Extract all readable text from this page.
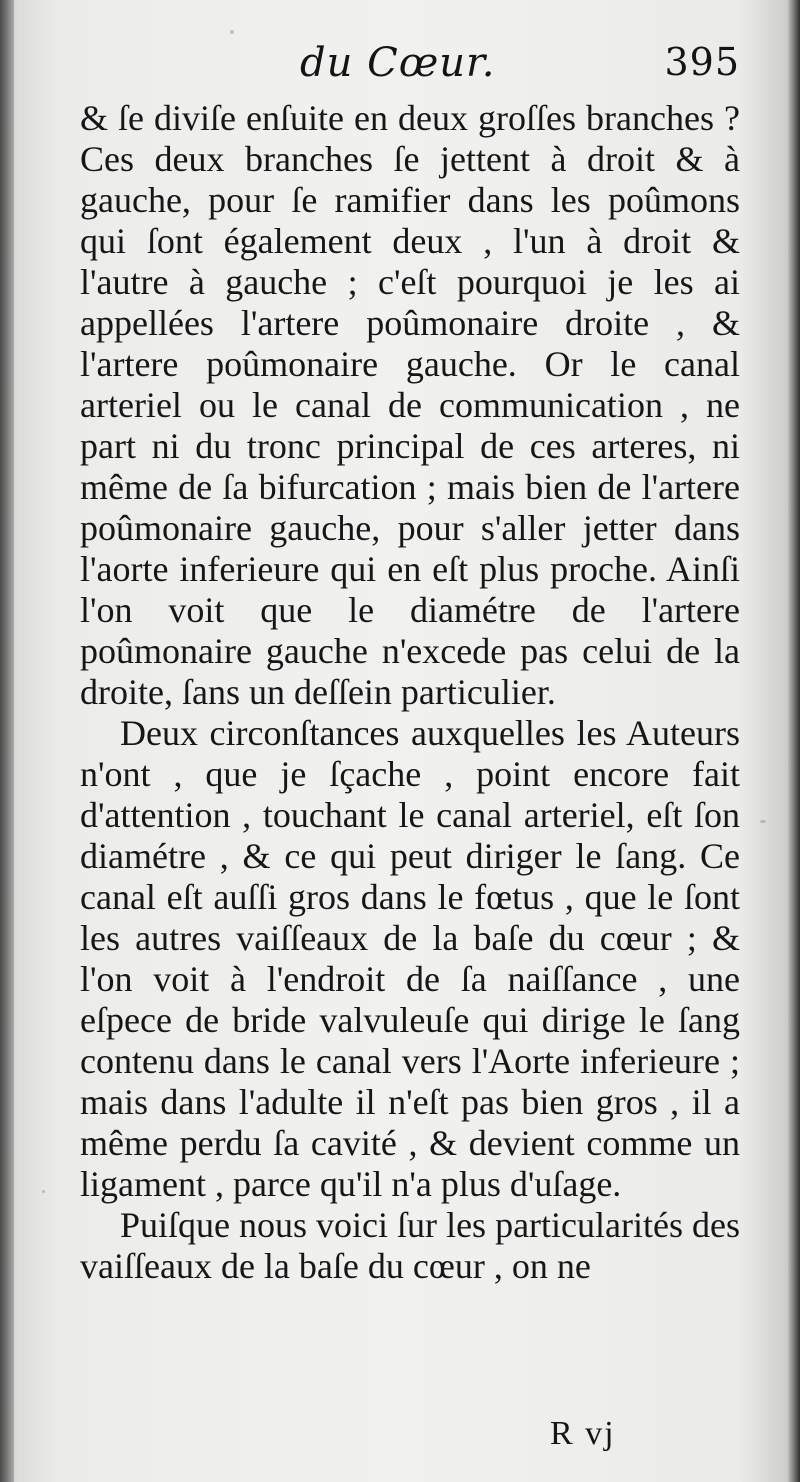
du Cœur.	395

& ſe diviſe enſuite en deux groſſes branches ? Ces deux branches ſe jettent à droit & à gauche, pour ſe ramifier dans les poûmons qui ſont également deux , l'un à droit & l'autre à gauche ; c'eſt pourquoi je les ai appellées l'artere poûmonaire droite , & l'artere poûmonaire gauche. Or le canal arteriel ou le canal de communication , ne part ni du tronc principal de ces arteres, ni même de ſa bifurcation ; mais bien de l'artere poûmonaire gauche, pour s'aller jetter dans l'aorte inferieure qui en eſt plus proche. Ainſi l'on voit que le diamétre de l'artere poûmonaire gauche n'excede pas celui de la droite, ſans un deſſein particulier.

Deux circonſtances auxquelles les Auteurs n'ont , que je ſçache , point encore fait d'attention , touchant le canal arteriel, eſt ſon diamétre , & ce qui peut diriger le ſang. Ce canal eſt auſſi gros dans le fœtus , que le ſont les autres vaiſſeaux de la baſe du cœur ; & l'on voit à l'endroit de ſa naiſſance , une eſpece de bride valvuleuſe qui dirige le ſang contenu dans le canal vers l'Aorte inferieure ; mais dans l'adulte il n'eſt pas bien gros , il a même perdu ſa cavité , & devient comme un ligament , parce qu'il n'a plus d'uſage.

Puiſque nous voici ſur les particularités des vaiſſeaux de la baſe du cœur , on ne

R vj
